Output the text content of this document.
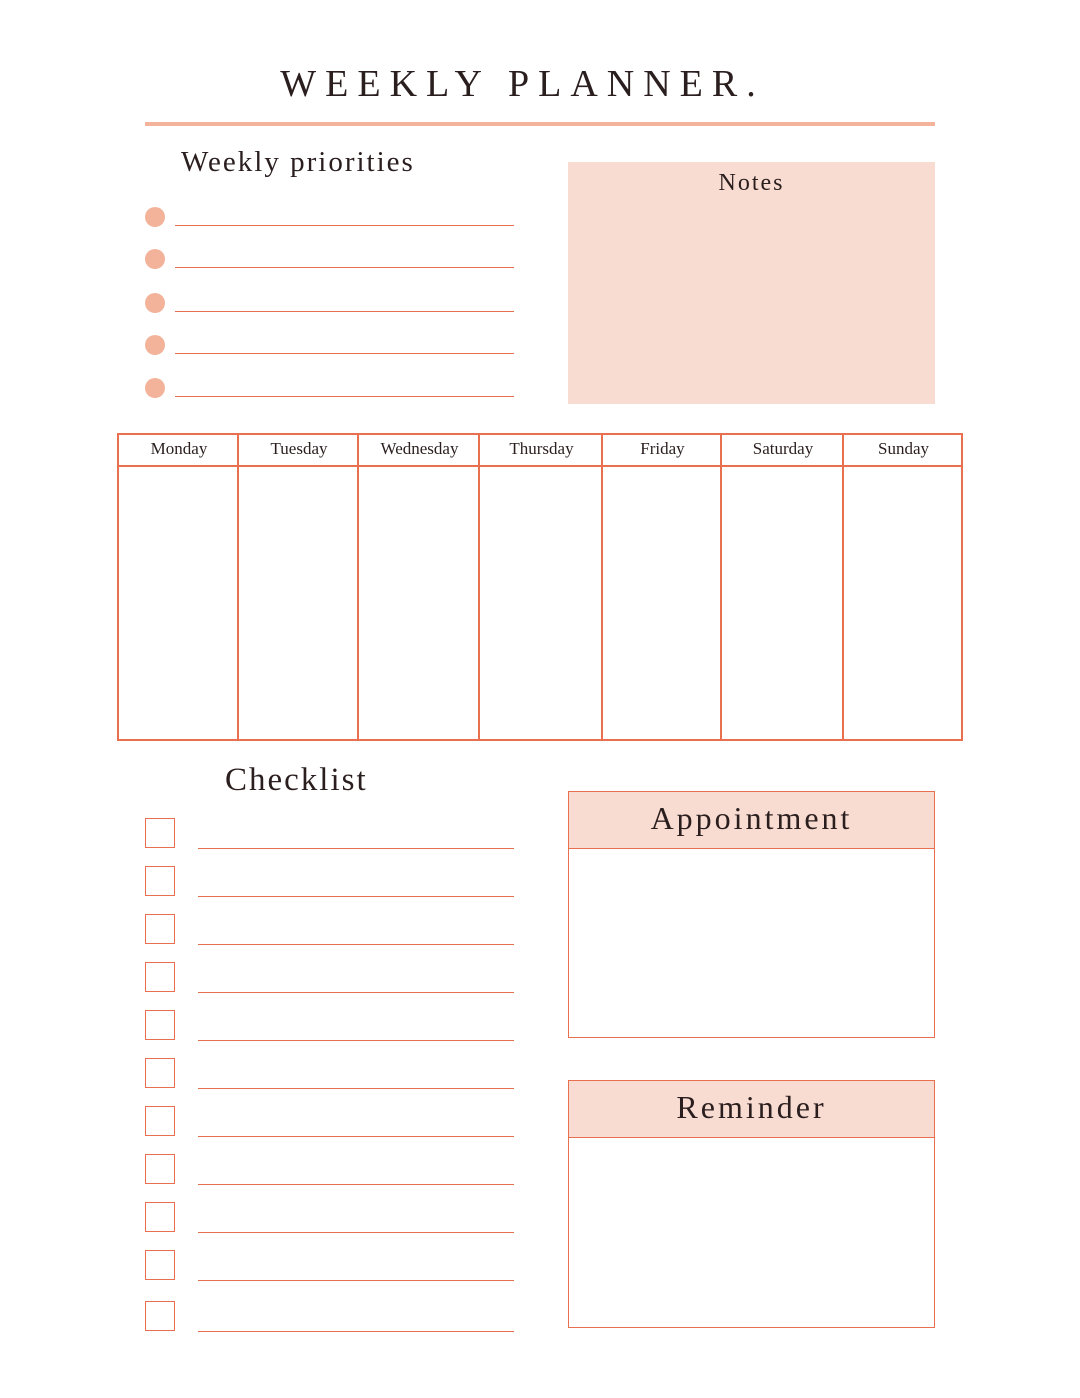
WEEKLY PLANNER.
Weekly priorities
Notes
Monday	Tuesday	Wednesday	Thursday	Friday	Saturday	Sunday
Checklist
Appointment
Reminder
